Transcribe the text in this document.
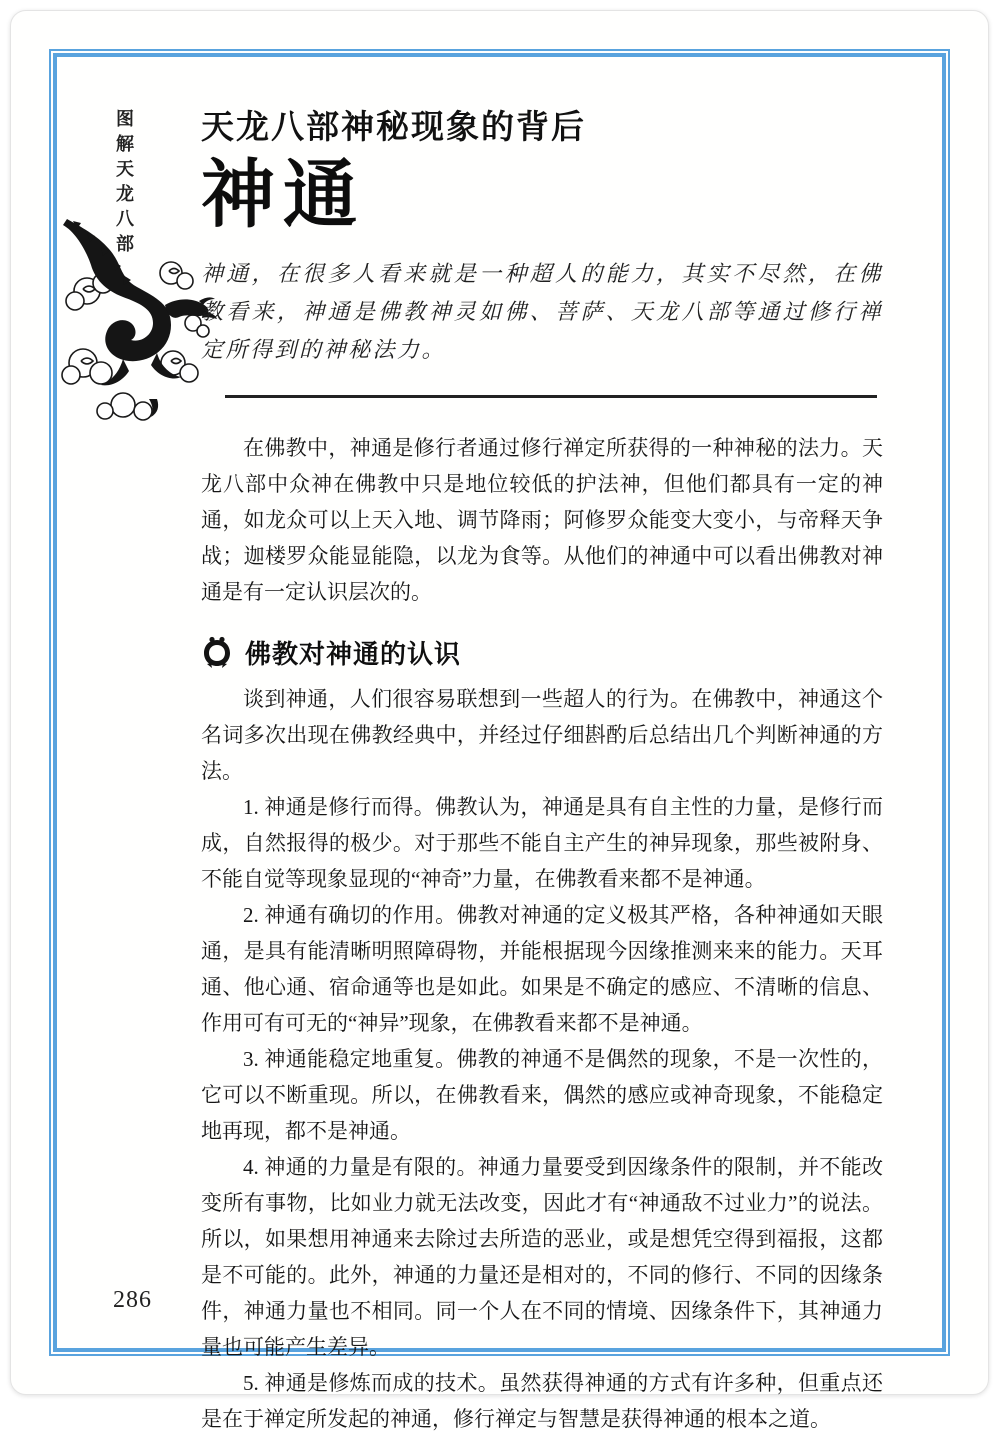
图解天龙八部 天龙八部神秘现象的背后
神通

神通，在很多人看来就是一种超人的能力，其实不尽然，在佛教看来，神通是佛教神灵如佛、菩萨、天龙八部等通过修行禅定所得到的神秘法力。

在佛教中，神通是修行者通过修行禅定所获得的一种神秘的法力。天龙八部中众神在佛教中只是地位较低的护法神，但他们都具有一定的神通，如龙众可以上天入地、调节降雨；阿修罗众能变大变小，与帝释天争战；迦楼罗众能显能隐，以龙为食等。从他们的神通中可以看出佛教对神通是有一定认识层次的。

佛教对神通的认识

谈到神通，人们很容易联想到一些超人的行为。在佛教中，神通这个名词多次出现在佛教经典中，并经过仔细斟酌后总结出几个判断神通的方法。

1. 神通是修行而得。佛教认为，神通是具有自主性的力量，是修行而成，自然报得的极少。对于那些不能自主产生的神异现象，那些被附身、不能自觉等现象显现的“神奇”力量，在佛教看来都不是神通。

2. 神通有确切的作用。佛教对神通的定义极其严格，各种神通如天眼通，是具有能清晰明照障碍物，并能根据现今因缘推测来来的能力。天耳通、他心通、宿命通等也是如此。如果是不确定的感应、不清晰的信息、作用可有可无的“神异”现象，在佛教看来都不是神通。

3. 神通能稳定地重复。佛教的神通不是偶然的现象，不是一次性的，它可以不断重现。所以，在佛教看来，偶然的感应或神奇现象，不能稳定地再现，都不是神通。

4. 神通的力量是有限的。神通力量要受到因缘条件的限制，并不能改变所有事物，比如业力就无法改变，因此才有“神通敌不过业力”的说法。所以，如果想用神通来去除过去所造的恶业，或是想凭空得到福报，这都是不可能的。此外，神通的力量还是相对的，不同的修行、不同的因缘条件，神通力量也不相同。同一个人在不同的情境、因缘条件下，其神通力量也可能产生差异。

5. 神通是修炼而成的技术。虽然获得神通的方式有许多种，但重点还是在于禅定所发起的神通，修行禅定与智慧是获得神通的根本之道。

286
